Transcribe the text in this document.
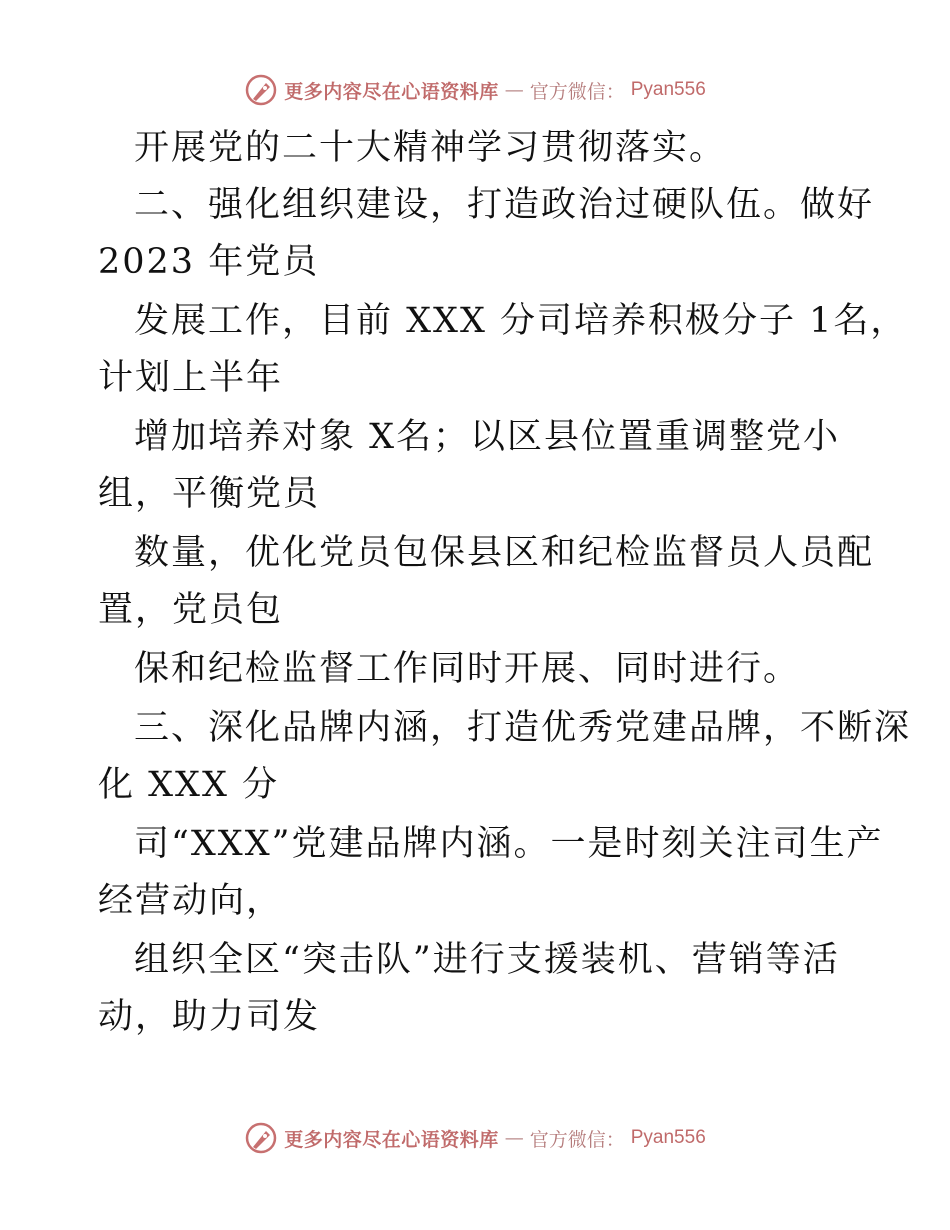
更多内容尽在心语资料库 — 官方微信： Pyan556
开展党的二十大精神学习贯彻落实。
二、强化组织建设，打造政治过硬队伍。做好
2023 年党员
发展工作，目前 XXX 分司培养积极分子 1名，
计划上半年
增加培养对象 X名；以区县位置重调整党小
组，平衡党员
数量，优化党员包保县区和纪检监督员人员配
置，党员包
保和纪检监督工作同时开展、同时进行。
三、深化品牌内涵，打造优秀党建品牌，不断深
化 XXX 分
司“XXX”党建品牌内涵。一是时刻关注司生产
经营动向，
组织全区“突击队”进行支援装机、营销等活
动，助力司发
更多内容尽在心语资料库 — 官方微信： Pyan556
